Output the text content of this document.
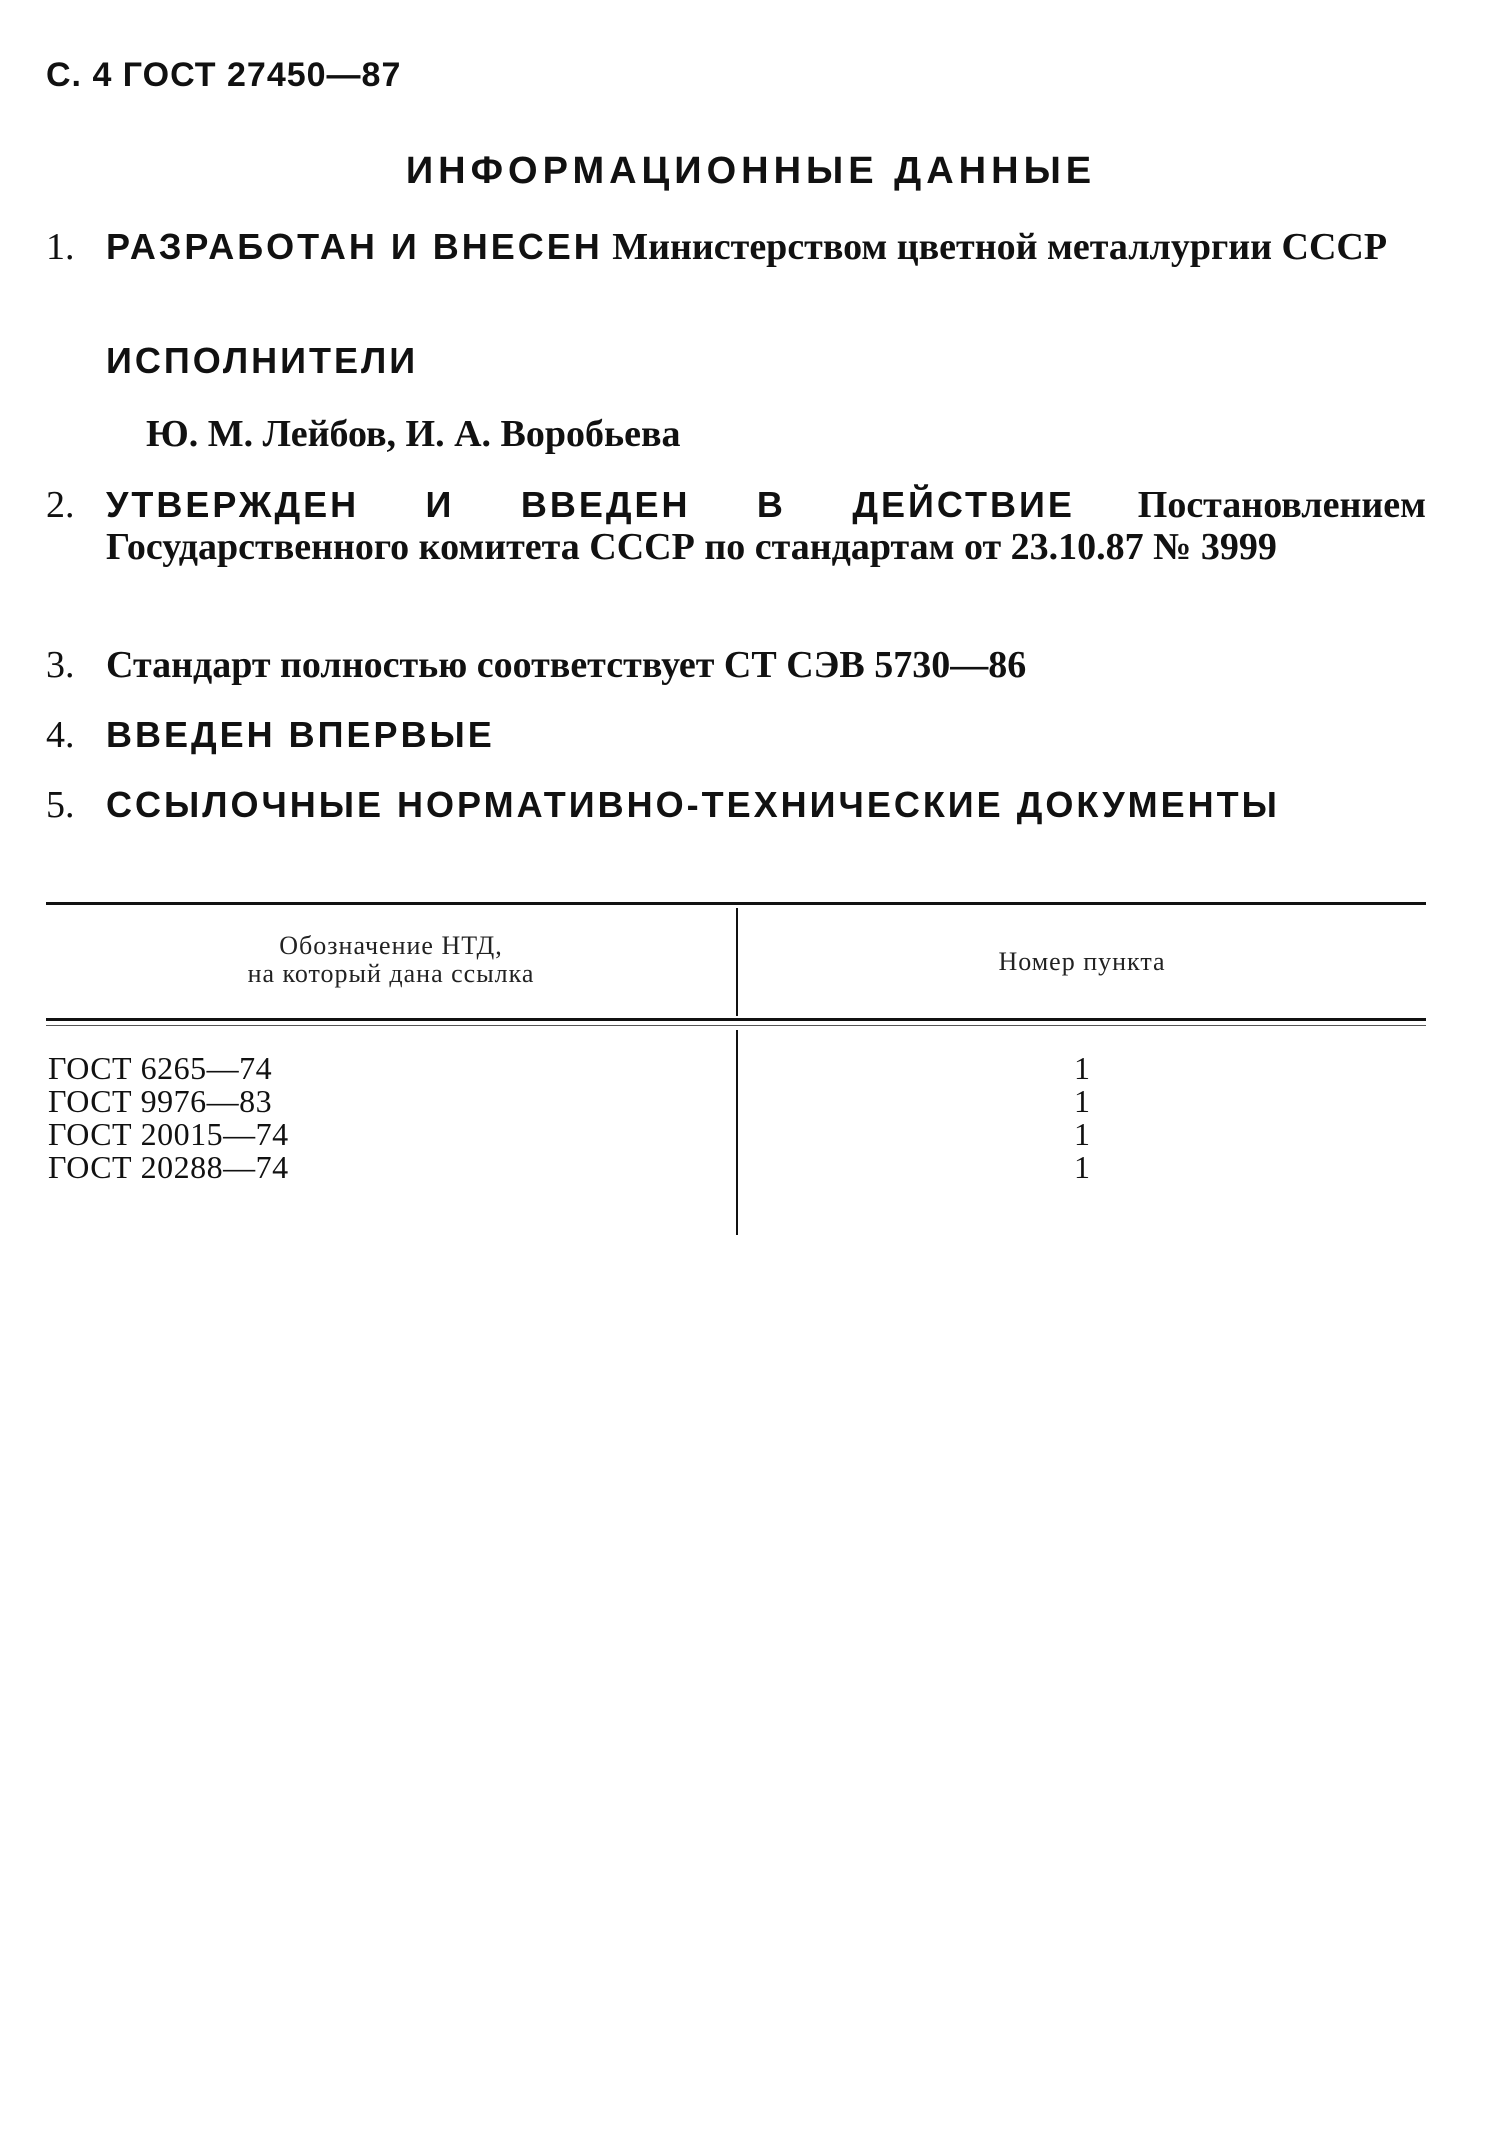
С. 4 ГОСТ 27450—87
ИНФОРМАЦИОННЫЕ ДАННЫЕ
1. РАЗРАБОТАН И ВНЕСЕН Министерством цветной металлургии СССР
ИСПОЛНИТЕЛИ
Ю. М. Лейбов, И. А. Воробьева
2. УТВЕРЖДЕН И ВВЕДЕН В ДЕЙСТВИЕ Постановлением Государственного комитета СССР по стандартам от 23.10.87 № 3999
3. Стандарт полностью соответствует СТ СЭВ 5730—86
4. ВВЕДЕН ВПЕРВЫЕ
5. ССЫЛОЧНЫЕ НОРМАТИВНО-ТЕХНИЧЕСКИЕ ДОКУМЕНТЫ
Обозначение НТД,
на который дана ссылка	Номер пункта
ГОСТ 6265—74	1
ГОСТ 9976—83	1
ГОСТ 20015—74	1
ГОСТ 20288—74	1
